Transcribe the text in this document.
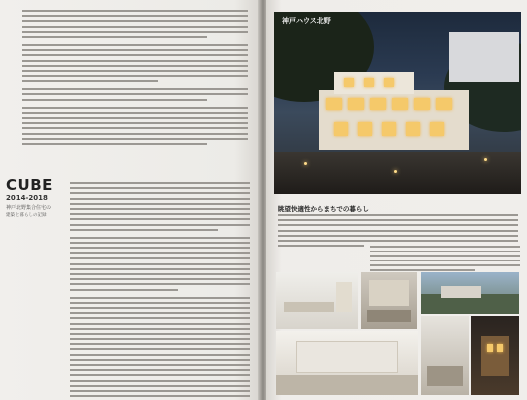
CUBE
2014-2018
神戸北野集合住宅の
建築と暮らしの記録
神戸ハウス北野
眺望快適性からまちでの暮らし
